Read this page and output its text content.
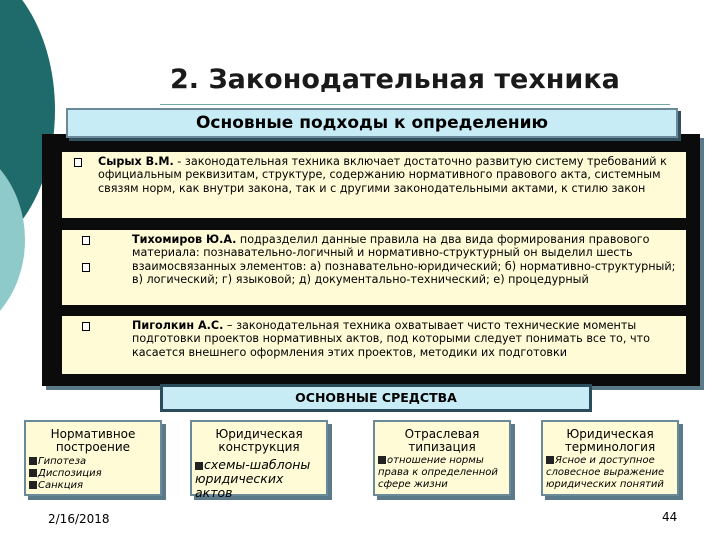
2. Законодательная техника
Основные подходы к определению
Сырых В.М. - законодательная техника включает достаточно развитую систему требований к официальным реквизитам, структуре, содержанию нормативного правового акта, системным связям норм, как внутри закона, так и с другими законодательными актами, к стилю закон
Тихомиров Ю.А. подразделил данные правила на два вида формирования правового материала: познавательно-логичный и нормативно-структурный он выделил шесть взаимосвязанных элементов: а) познавательно-юридический; б) нормативно-структурный; в) логический; г) языковой; д) документально-технический; е) процедурный
Пиголкин А.С. – законодательная техника охватывает чисто технические моменты подготовки проектов нормативных актов, под которыми следует понимать все то, что касается внешнего оформления этих проектов, методики их подготовки
ОСНОВНЫЕ СРЕДСТВА
Нормативное построение
Гипотеза
Диспозиция
Санкция
Юридическая конструкция
схемы-шаблоны юридических актов
Отраслевая типизация
отношение нормы права к определенной сфере жизни
Юридическая терминология
Ясное и доступное словесное выражение юридических понятий
2/16/2018	44
